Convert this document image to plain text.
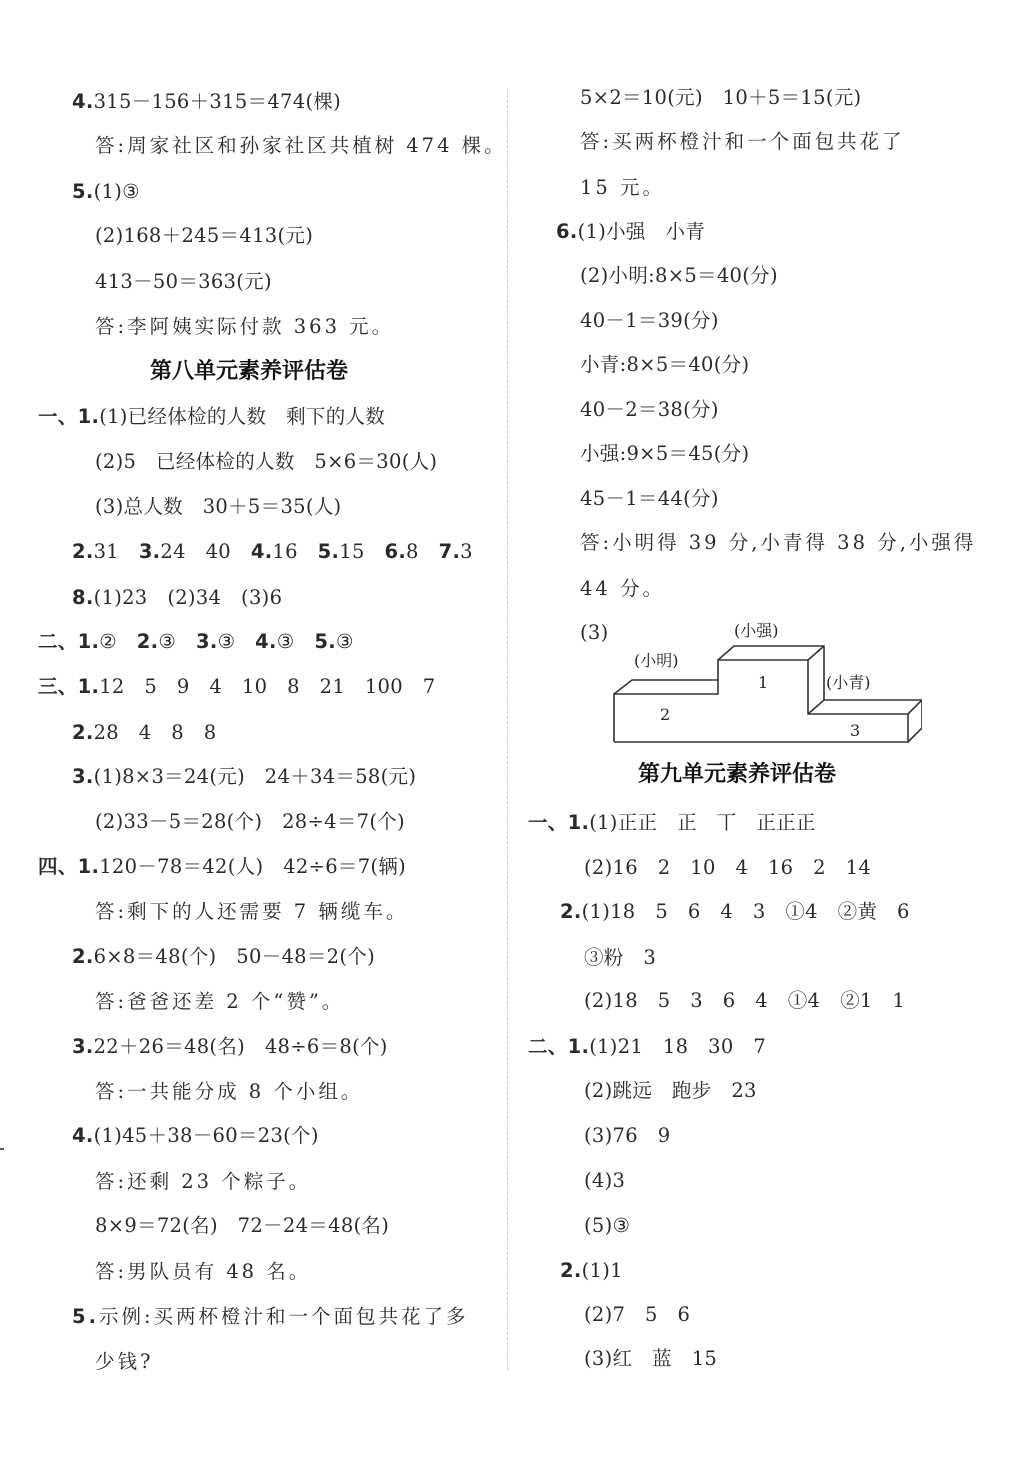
4.315－156＋315＝474(棵)
答:周家社区和孙家社区共植树 474 棵。
5.(1)③
(2)168＋245＝413(元)
413－50＝363(元)
答:李阿姨实际付款 363 元。
第八单元素养评估卷
一、1.(1)已经体检的人数　剩下的人数
(2)5　已经体检的人数　5×6＝30(人)
(3)总人数　30＋5＝35(人)
2.31　 3.24　40　 4.16　 5.15　 6.8　 7.3
8.(1)23　(2)34　(3)6
二、1.②　 2.③　 3.③　 4.③　 5.③
三、1.12　5　9　4　10　8　21　100　7
2.28　4　8　8
3.(1)8×3＝24(元)　24＋34＝58(元)
(2)33－5＝28(个)　28÷4＝7(个)
四、1.120－78＝42(人)　42÷6＝7(辆)
答:剩下的人还需要 7 辆缆车。
2.6×8＝48(个)　50－48＝2(个)
答:爸爸还差 2 个“赞”。
3.22＋26＝48(名)　48÷6＝8(个)
答:一共能分成 8 个小组。
4.(1)45＋38－60＝23(个)
答:还剩 23 个粽子。
8×9＝72(名)　72－24＝48(名)
答:男队员有 48 名。
5.示例:买两杯橙汁和一个面包共花了多
少钱?
5×2＝10(元)　10＋5＝15(元)
答:买两杯橙汁和一个面包共花了
15 元。
6.(1)小强　小青
(2)小明:8×5＝40(分)
40－1＝39(分)
小青:8×5＝40(分)
40－2＝38(分)
小强:9×5＝45(分)
45－1＝44(分)
答:小明得 39 分,小青得 38 分,小强得
44 分。
(3)	(小强)
(小明)
(小青)
1
2
3
第九单元素养评估卷
一、1.(1)正正　正　丅　正正正
(2)16　2　10　4　16　2　14
2.(1)18　5　6　4　3　①4　②黄　6
③粉　3
(2)18　5　3　6　4　①4　②1　1
二、1.(1)21　18　30　7
(2)跳远　跑步　23
(3)76　9
(4)3
(5)③
2.(1)1
(2)7　5　6
(3)红　蓝　15
